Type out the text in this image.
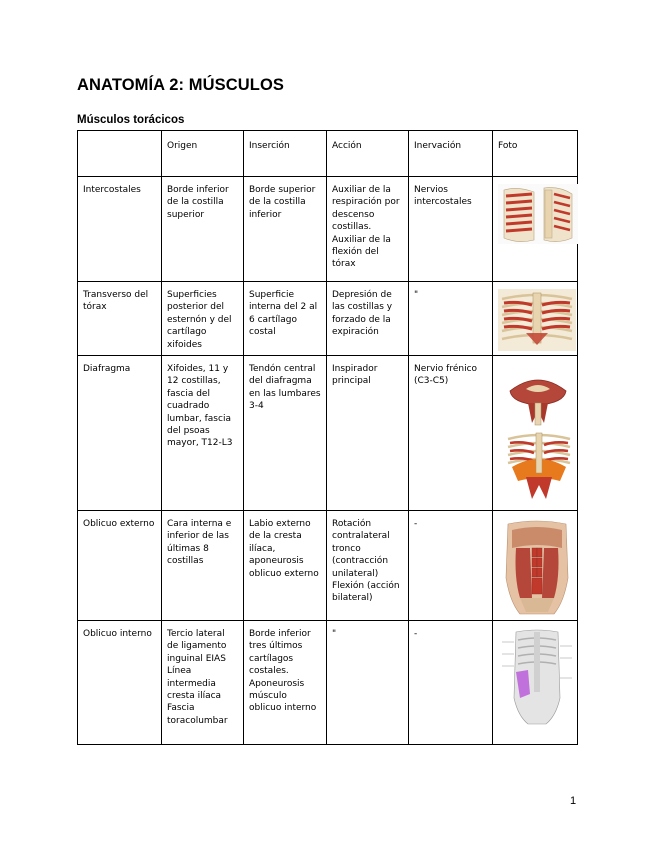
ANATOMÍA 2: MÚSCULOS
Músculos torácicos
	Origen	Inserción	Acción	Inervación	Foto
Intercostales	Borde inferior de la costilla superior	Borde superior de la costilla inferior	Auxiliar de la respiración por descenso costillas. Auxiliar de la flexión del tórax	Nervios intercostales	

Transverso del tórax	Superficies posterior del esternón y del cartílago xifoides	Superficie interna del 2 al 6 cartílago costal	Depresión de las costillas y forzado de la expiración	"	

Diafragma	Xifoides, 11 y 12 costillas, fascia del cuadrado lumbar, fascia del psoas mayor, T12-L3	Tendón central del diafragma en las lumbares 3-4	Inspirador principal	Nervio frénico (C3-C5)	

Oblicuo externo	Cara interna e inferior de las últimas 8 costillas	Labio externo de la cresta ilíaca, aponeurosis oblicuo externo	Rotación contralateral tronco (contracción unilateral) Flexión (acción bilateral)	-	

Oblicuo interno	Tercio lateral de ligamento inguinal EIAS Línea intermedia cresta ilíaca Fascia toracolumbar	Borde inferior tres últimos cartílagos costales. Aponeurosis músculo oblicuo interno	"	-	
1
